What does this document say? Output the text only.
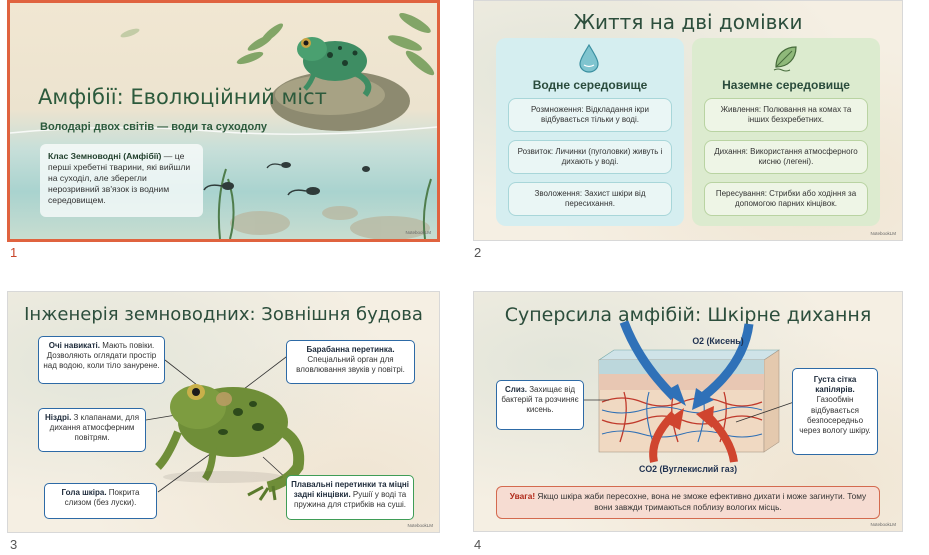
Амфібії: Еволюційний міст
Володарі двох світів — води та суходолу
Клас Земноводні (Амфібії) — це перші хребетні тварини, які вийшли на суходіл, але зберегли нерозривний зв'язок із водним середовищем.
NotebookLM
1
Життя на дві домівки
Водне середовище
Розмноження: Відкладання ікри відбувається тільки у воді.
Розвиток: Личинки (пуголовки) живуть і дихають у воді.
Зволоження: Захист шкіри від пересихання.
Наземне середовище
Живлення: Полювання на комах та інших безхребетних.
Дихання: Використання атмосферного кисню (легені).
Пересування: Стрибки або ходіння за допомогою парних кінцівок.
NotebookLM
2
Інженерія земноводних: Зовнішня будова
Очі навикаті. Мають повіки. Дозволяють оглядати простір над водою, коли тіло занурене.
Ніздрі. З клапанами, для дихання атмосферним повітрям.
Гола шкіра. Покрита слизом (без луски).
Барабанна перетинка. Спеціальний орган для вловлювання звуків у повітрі.
Плавальні перетинки та міцні задні кінцівки. Рушії у воді та пружина для стрибків на суші.
NotebookLM
3
Суперсила амфібій: Шкірне дихання
O2 (Кисень)
CO2 (Вуглекислий газ)
Слиз. Захищає від бактерій та розчиняє кисень.
Густа сітка капілярів. Газообмін відбувається безпосередньо через вологу шкіру.
Увага! Якщо шкіра жаби пересохне, вона не зможе ефективно дихати і може загинути. Тому вони завжди тримаються поблизу вологих місць.
NotebookLM
4
